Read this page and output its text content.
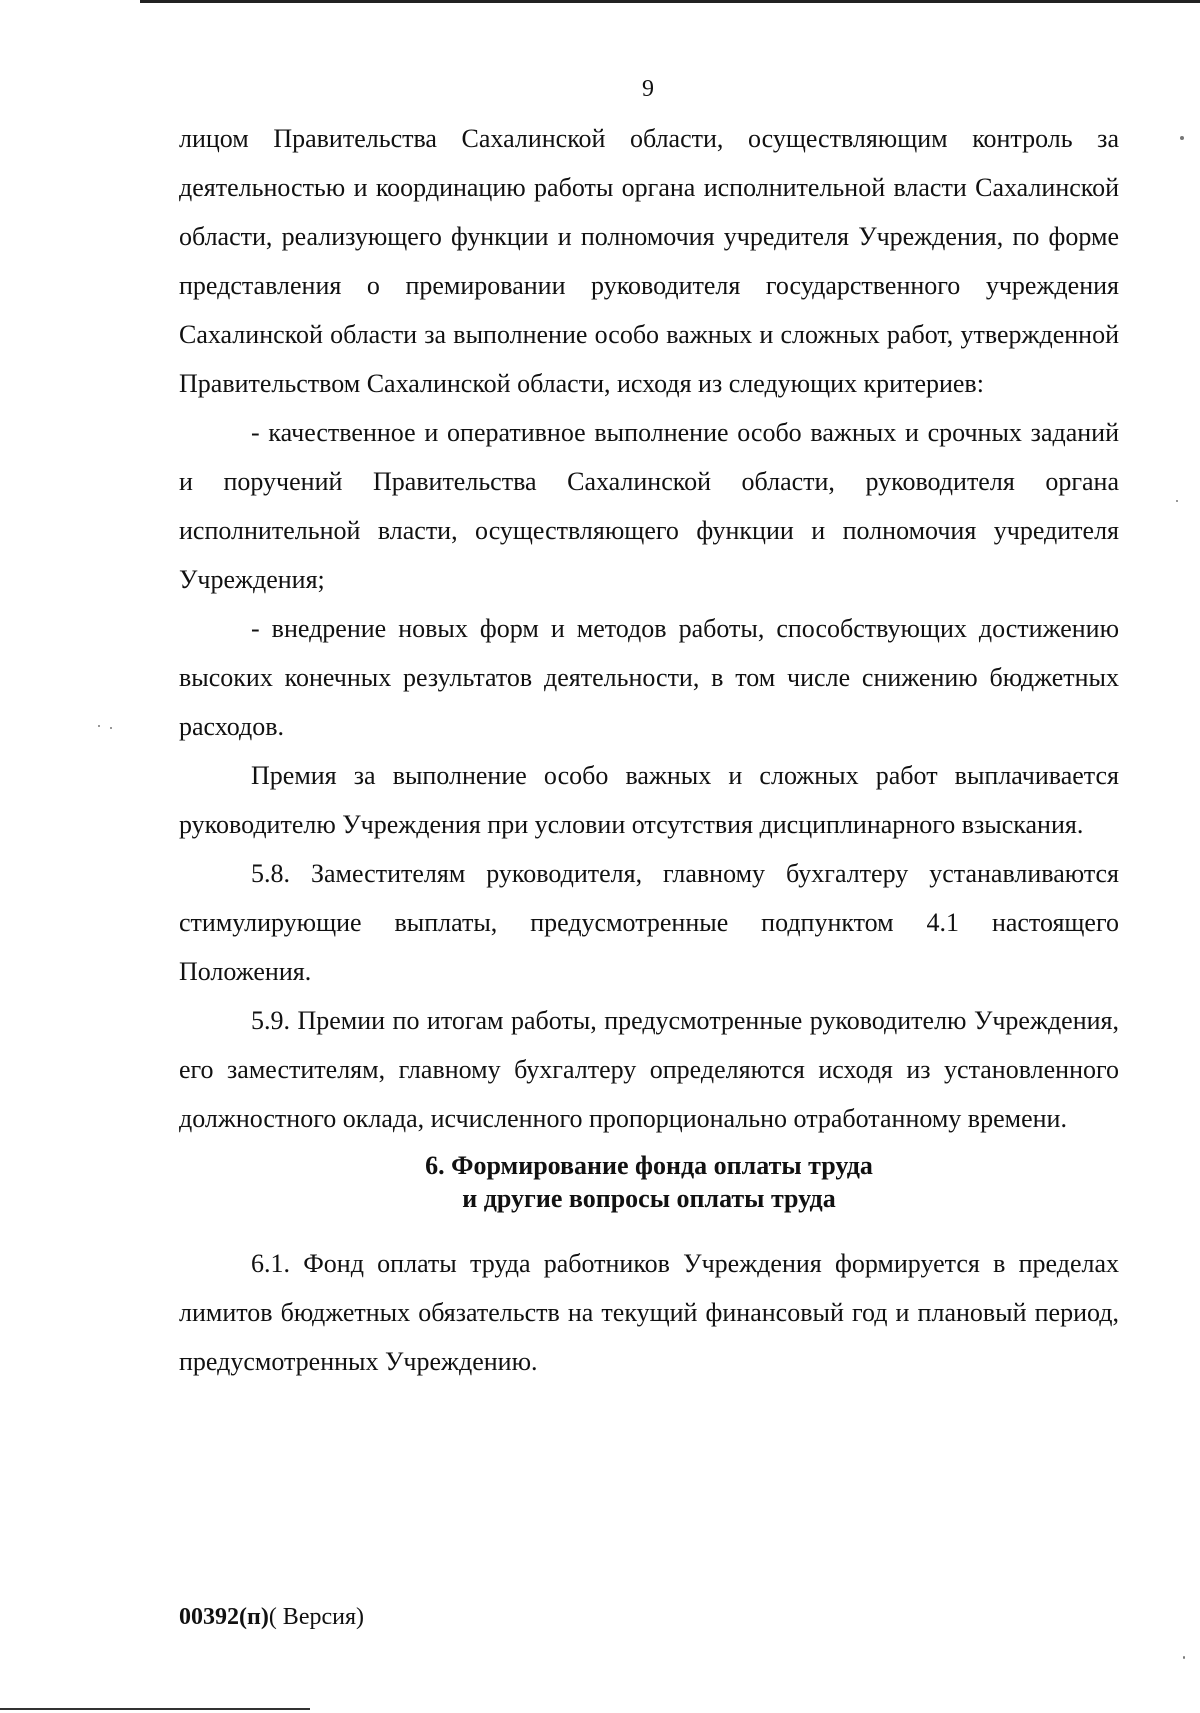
9

лицом Правительства Сахалинской области, осуществляющим контроль за деятельностью и координацию работы органа исполнительной власти Сахалинской области, реализующего функции и полномочия учредителя Учреждения, по форме представления о премировании руководителя государственного учреждения Сахалинской области за выполнение особо важных и сложных работ, утвержденной Правительством Сахалинской области, исходя из следующих критериев:

- качественное и оперативное выполнение особо важных и срочных заданий и поручений Правительства Сахалинской области, руководителя органа исполнительной власти, осуществляющего функции и полномочия учредителя Учреждения;

- внедрение новых форм и методов работы, способствующих достижению высоких конечных результатов деятельности, в том числе снижению бюджетных расходов.

Премия за выполнение особо важных и сложных работ выплачивается руководителю Учреждения при условии отсутствия дисциплинарного взыскания.

5.8. Заместителям руководителя, главному бухгалтеру устанавливаются стимулирующие выплаты, предусмотренные подпунктом 4.1 настоящего Положения.

5.9. Премии по итогам работы, предусмотренные руководителю Учреждения, его заместителям, главному бухгалтеру определяются исходя из установленного должностного оклада, исчисленного пропорционально отработанному времени.

6. Формирование фонда оплаты труда
и другие вопросы оплаты труда

6.1. Фонд оплаты труда работников Учреждения формируется в пределах лимитов бюджетных обязательств на текущий финансовый год и плановый период, предусмотренных Учреждению.

00392(п)( Версия)
